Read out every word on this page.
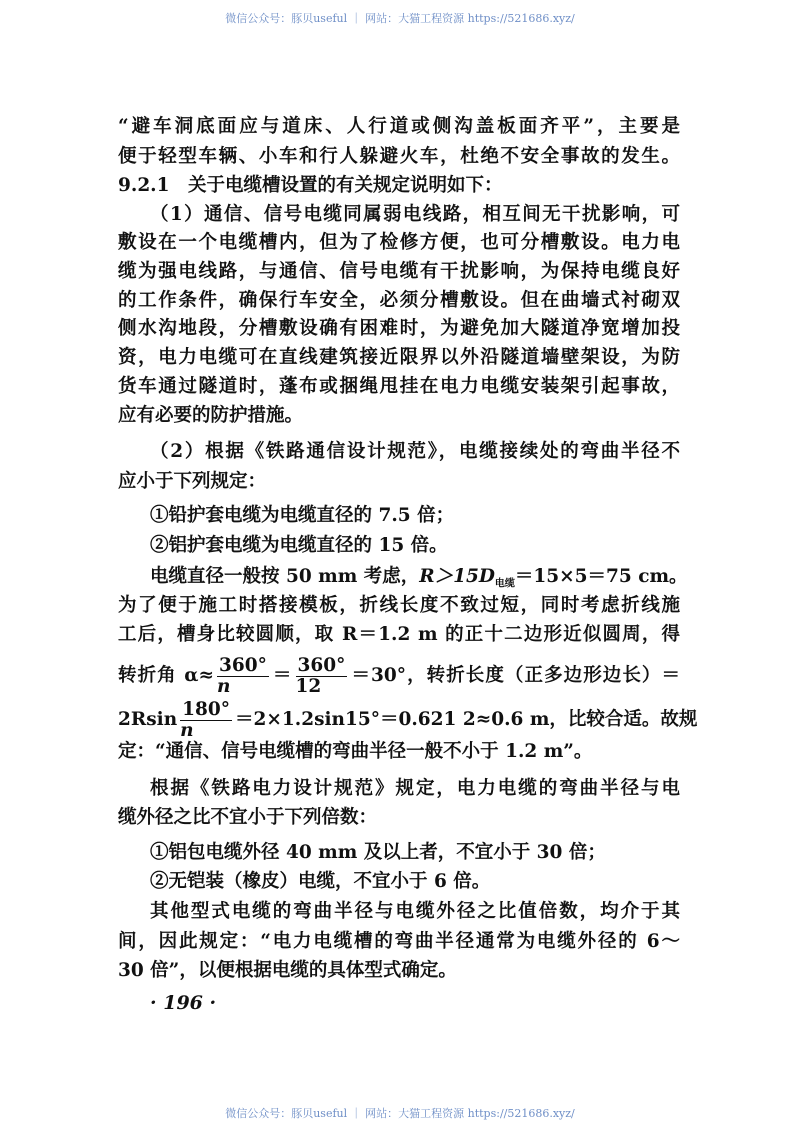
微信公众号：豚贝useful ｜ 网站：大猫工程资源 https://521686.xyz/
“避车洞底面应与道床、人行道或侧沟盖板面齐平”，主要是
便于轻型车辆、小车和行人躲避火车，杜绝不安全事故的发生。
9.2.1　关于电缆槽设置的有关规定说明如下：
（1）通信、信号电缆同属弱电线路，相互间无干扰影响，可
敷设在一个电缆槽内，但为了检修方便，也可分槽敷设。电力电
缆为强电线路，与通信、信号电缆有干扰影响，为保持电缆良好
的工作条件，确保行车安全，必须分槽敷设。但在曲墙式衬砌双
侧水沟地段，分槽敷设确有困难时，为避免加大隧道净宽增加投
资，电力电缆可在直线建筑接近限界以外沿隧道墙壁架设，为防
货车通过隧道时，蓬布或捆绳甩挂在电力电缆安装架引起事故，
应有必要的防护措施。
（2）根据《铁路通信设计规范》，电缆接续处的弯曲半径不
应小于下列规定：
①铅护套电缆为电缆直径的 7.5 倍；
②铝护套电缆为电缆直径的 15 倍。
电缆直径一般按 50 mm 考虑，$R>15D_{电缆}=15\times 5=75$ cm。
为了便于施工时搭接模板，折线长度不致过短，同时考虑折线施
工后，槽身比较圆顺，取 R＝1.2 m 的正十二边形近似圆周，得
转折角 $\alpha\approx \frac{360^\circ}{n} = \frac{360^\circ}{12} =30^\circ$，转折长度（正多边形边长）＝
$2Rsin \frac{180^\circ}{n} =2\times 1.2\sin 15^\circ=0.621$ 2≈0.6 m，比较合适。故规
定：“通信、信号电缆槽的弯曲半径一般不小于 1.2 m”。
根据《铁路电力设计规范》规定，电力电缆的弯曲半径与电
缆外径之比不宜小于下列倍数：
①铝包电缆外径 40 mm 及以上者，不宜小于 30 倍；
②无铠装（橡皮）电缆，不宜小于 6 倍。
其他型式电缆的弯曲半径与电缆外径之比值倍数，均介于其
间，因此规定：“电力电缆槽的弯曲半径通常为电缆外径的 6～
30 倍”，以便根据电缆的具体型式确定。
· 196 ·
微信公众号：豚贝useful ｜ 网站：大猫工程资源 https://521686.xyz/
